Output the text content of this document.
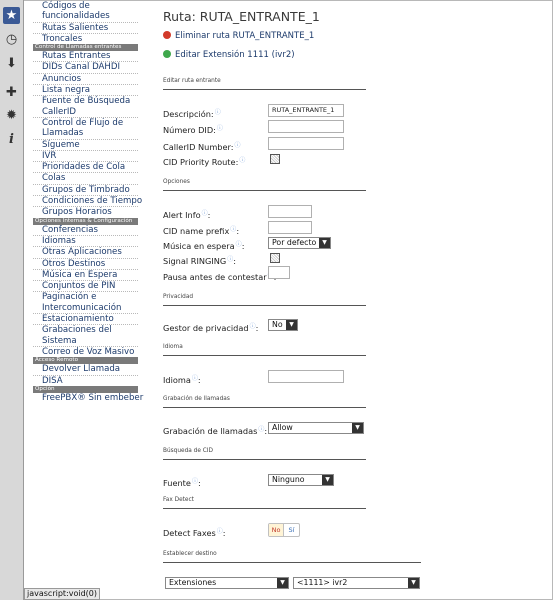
★
◷
⬇
✚
✹
i
Códigos de funcionalidades
Rutas Salientes
Troncales
Control de Llamadas entrantes
Rutas Entrantes
DIDs Canal DAHDI
Anuncios
Lista negra
Fuente de Búsqueda CallerID
Control de Flujo de Llamadas
Sígueme
IVR
Prioridades de Cola
Colas
Grupos de Timbrado
Condiciones de Tiempo
Grupos Horarios
Opciones Internas & Configuración
Conferencias
Idiomas
Otras Aplicaciones
Otros Destinos
Música en Espera
Conjuntos de PIN
Paginación e Intercomunicación
Estacionamiento
Grabaciones del Sistema
Correo de Voz Masivo
Acceso Remoto
Devolver Llamada
DISA
Opción
FreePBX® Sin embeber
Ruta: RUTA_ENTRANTE_1
Eliminar ruta RUTA_ENTRANTE_1
Editar Extensión 1111 (ivr2)
Editar ruta entrante
Descripción:ⓘ	RUTA_ENTRANTE_1
Número DID:ⓘ
CallerID Number:ⓘ
CID Priority Route:ⓘ
Opciones
Alert Infoⓘ:
CID name prefixⓘ:
Música en esperaⓘ:	Por defecto ▼
Signal RINGINGⓘ:
Pausa antes de contestar
Privacidad
Gestor de privacidadⓘ:	No	▼
Idioma
Idiomaⓘ:
Grabación de llamadas
Grabación de llamadasⓘ: Allow	▼
Búsqueda de CID
Fuenteⓘ:	Ninguno	▼
Fax Detect
Detect Faxesⓘ:	No Sí
Establecer destino
Extensiones	▼	<1111> ivr2	▼
javascript:void(0)
